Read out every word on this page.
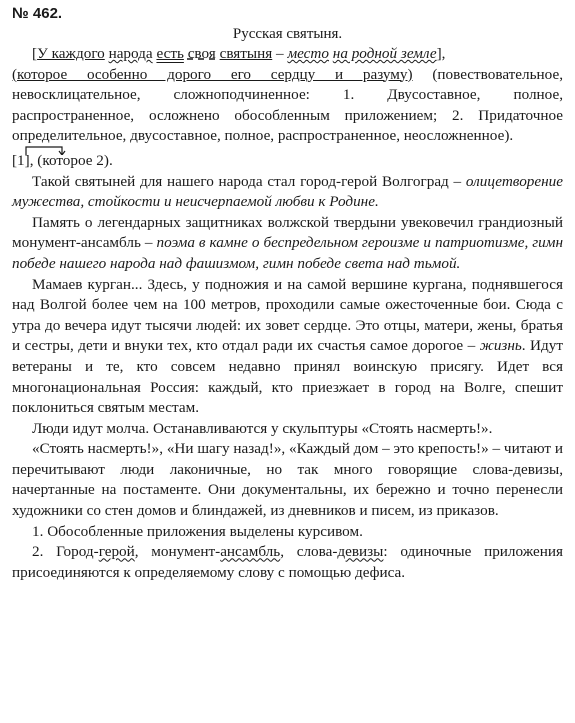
№ 462.
Русская святыня.

[У каждого народа есть своя святыня – место на родной земле],
(которое особенно дорого его сердцу и разуму) (повествовательное, невосклицательное, сложноподчиненное: 1. Двусоставное, полное, распространенное, осложнено обособленным приложением; 2. Придаточное определительное, двусоставное, полное, распространенное, неосложненное).

[1], (которое 2).

Такой святыней для нашего народа стал город-герой Волгоград – олицетворение мужества, стойкости и неисчерпаемой любви к Родине.

Память о легендарных защитниках волжской твердыни увековечил грандиозный монумент-ансамбль – поэма в камне о беспредельном героизме и патриотизме, гимн победе нашего народа над фашизмом, гимн победе света над тьмой.

Мамаев курган... Здесь, у подножия и на самой вершине кургана, поднявшегося над Волгой более чем на 100 метров, проходили самые ожесточенные бои. Сюда с утра до вечера идут тысячи людей: их зовет сердце. Это отцы, матери, жены, братья и сестры, дети и внуки тех, кто отдал ради их счастья самое дорогое – жизнь. Идут ветераны и те, кто совсем недавно принял воинскую присягу. Идет вся многонациональная Россия: каждый, кто приезжает в город на Волге, спешит поклониться святым местам.

Люди идут молча. Останавливаются у скульптуры «Стоять насмерть!».

«Стоять насмерть!», «Ни шагу назад!», «Каждый дом – это крепость!» – читают и перечитывают люди лаконичные, но так много говорящие слова-девизы, начертанные на постаменте. Они документальны, их бережно и точно перенесли художники со стен домов и блиндажей, из дневников и писем, из приказов.

1. Обособленные приложения выделены курсивом.

2. Город-герой, монумент-ансамбль, слова-девизы: одиночные приложения присоединяются к определяемому слову с помощью дефиса.
